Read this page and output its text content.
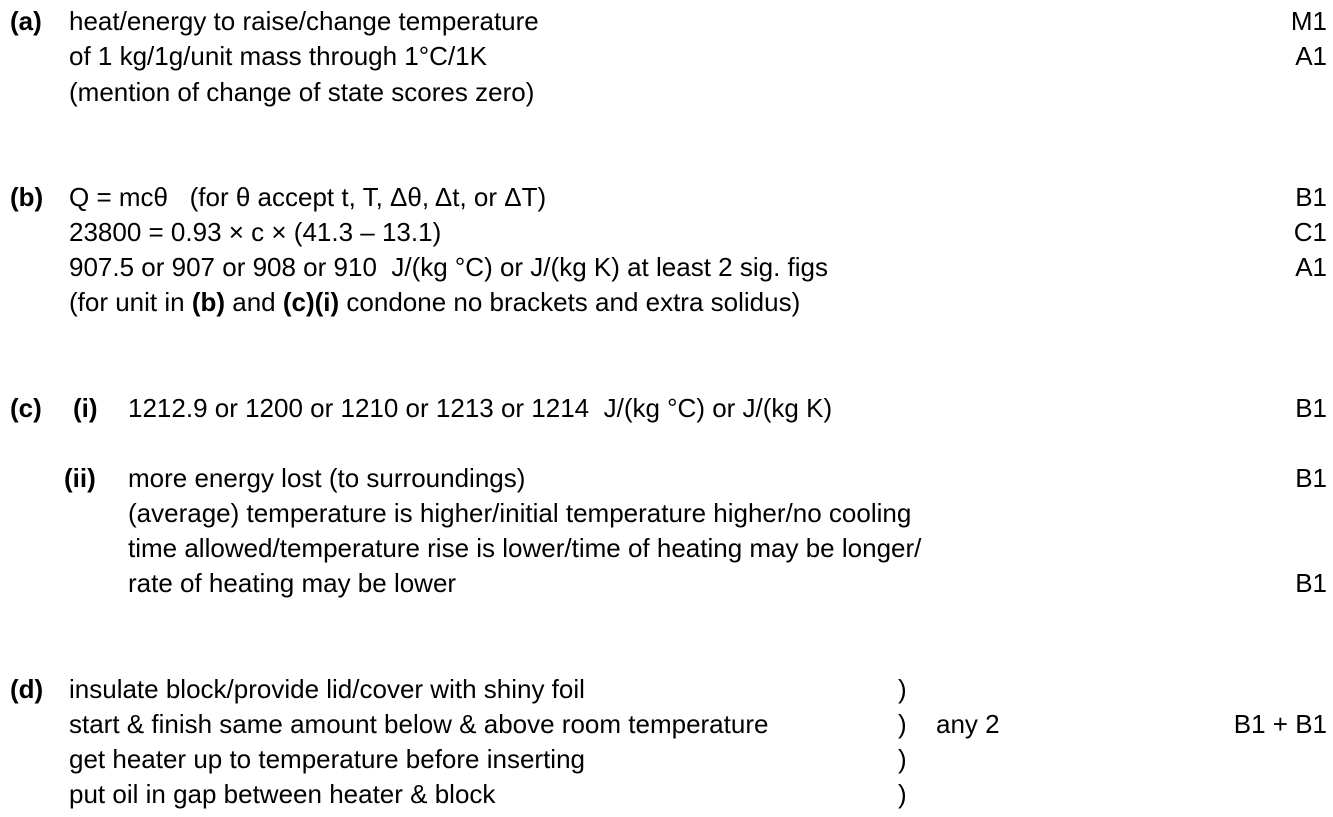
(a) heat/energy to raise/change temperature
of 1 kg/1g/unit mass through 1°C/1K
(mention of change of state scores zero)
M1
A1
(b) Q = mcθ   (for θ accept t, T, Δθ, Δt, or ΔT)
23800 = 0.93 × c × (41.3 – 13.1)
907.5 or 907 or 908 or 910  J/(kg °C) or J/(kg K) at least 2 sig. figs
(for unit in (b) and (c)(i) condone no brackets and extra solidus)
B1
C1
A1
(c) (i) 1212.9 or 1200 or 1210 or 1213 or 1214  J/(kg °C) or J/(kg K)	B1
(ii) more energy lost (to surroundings)
(average) temperature is higher/initial temperature higher/no cooling
time allowed/temperature rise is lower/time of heating may be longer/
rate of heating may be lower
B1
B1
(d) insulate block/provide lid/cover with shiny foil
start & finish same amount below & above room temperature
get heater up to temperature before inserting
put oil in gap between heater & block
)
)
)
)
any 2	B1 + B1
